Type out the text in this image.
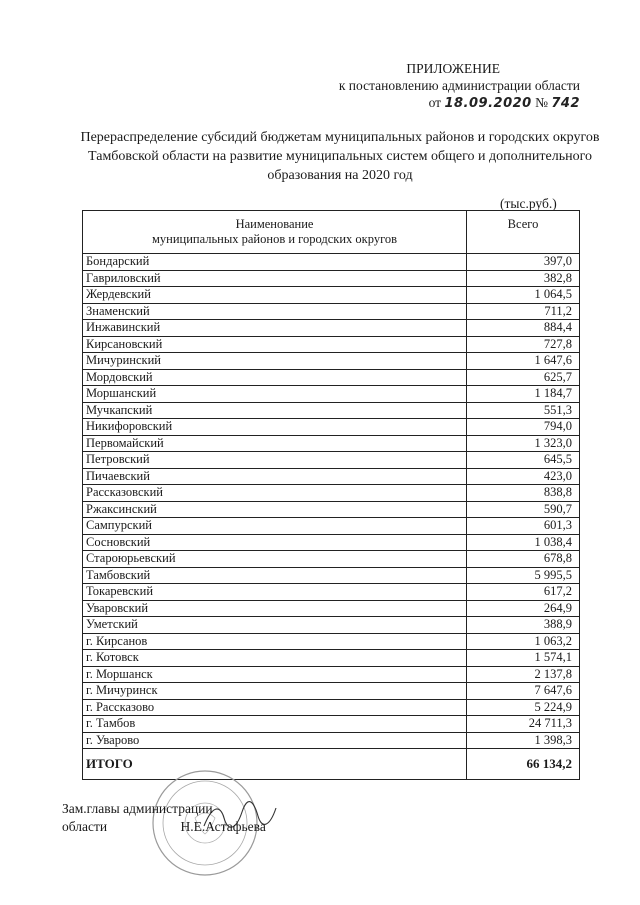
ПРИЛОЖЕНИЕ
к постановлению администрации области
от 18.09.2020 № 742
Перераспределение субсидий бюджетам муниципальных районов и городских округов Тамбовской области на развитие муниципальных систем общего и дополнительного образования на 2020 год
(тыс.руб.)
Наименование
муниципальных районов и городских округов	Всего
Бондарский	397,0
Гавриловский	382,8
Жердевский	1 064,5
Знаменский	711,2
Инжавинский	884,4
Кирсановский	727,8
Мичуринский	1 647,6
Мордовский	625,7
Моршанский	1 184,7
Мучкапский	551,3
Никифоровский	794,0
Первомайский	1 323,0
Петровский	645,5
Пичаевский	423,0
Рассказовский	838,8
Ржаксинский	590,7
Сампурский	601,3
Сосновский	1 038,4
Староюрьевский	678,8
Тамбовский	5 995,5
Токаревский	617,2
Уваровский	264,9
Уметский	388,9
г. Кирсанов	1 063,2
г. Котовск	1 574,1
г. Моршанск	2 137,8
г. Мичуринск	7 647,6
г. Рассказово	5 224,9
г. Тамбов	24 711,3
г. Уварово	1 398,3
ИТОГО	66 134,2
Зам.главы администрации
области	Н.Е.Астафьева
